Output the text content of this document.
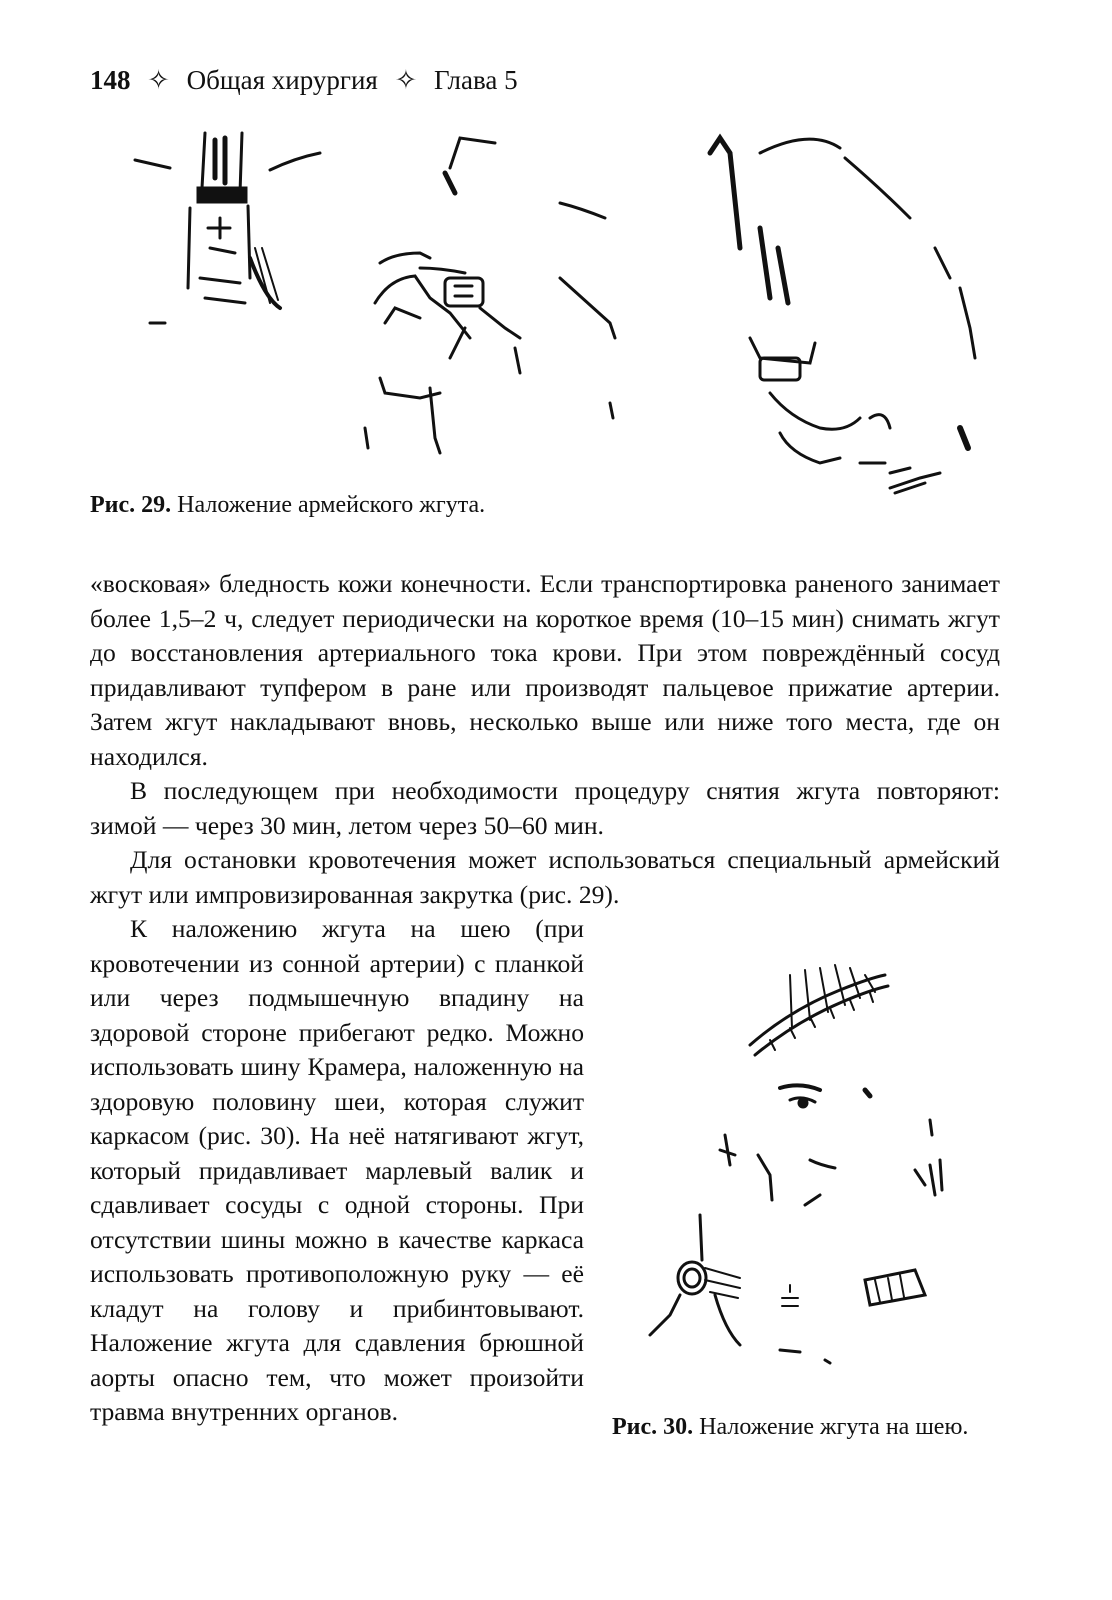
148 ✧ Общая хирургия ✧ Глава 5
Рис. 29. Наложение армейского жгута.

«восковая» бледность кожи конечности. Если транспортировка раненого занимает более 1,5–2 ч, следует периодически на короткое время (10–15 мин) снимать жгут до восстановления артериального тока крови. При этом повреждённый сосуд придавливают тупфером в ране или производят пальцевое прижатие артерии. Затем жгут накладывают вновь, несколько выше или ниже того места, где он находился.

В последующем при необходимости процедуру снятия жгута повторяют: зимой — через 30 мин, летом через 50–60 мин.

Для остановки кровотечения может использоваться специальный армейский жгут или импровизированная закрутка (рис. 29).

К наложению жгута на шею (при кровотечении из сонной артерии) с планкой или через подмышечную впадину на здоровой стороне прибегают редко. Можно использовать шину Крамера, наложенную на здоровую половину шеи, которая служит каркасом (рис. 30). На неё натягивают жгут, который придавливает марлевый валик и сдавливает сосуды с одной стороны. При отсутствии шины можно в качестве каркаса использовать противоположную руку — её кладут на голову и прибинтовывают. Наложение жгута для сдавления брюшной аорты опасно тем, что может произойти травма внутренних органов.

Рис. 30. Наложение жгута на шею.
